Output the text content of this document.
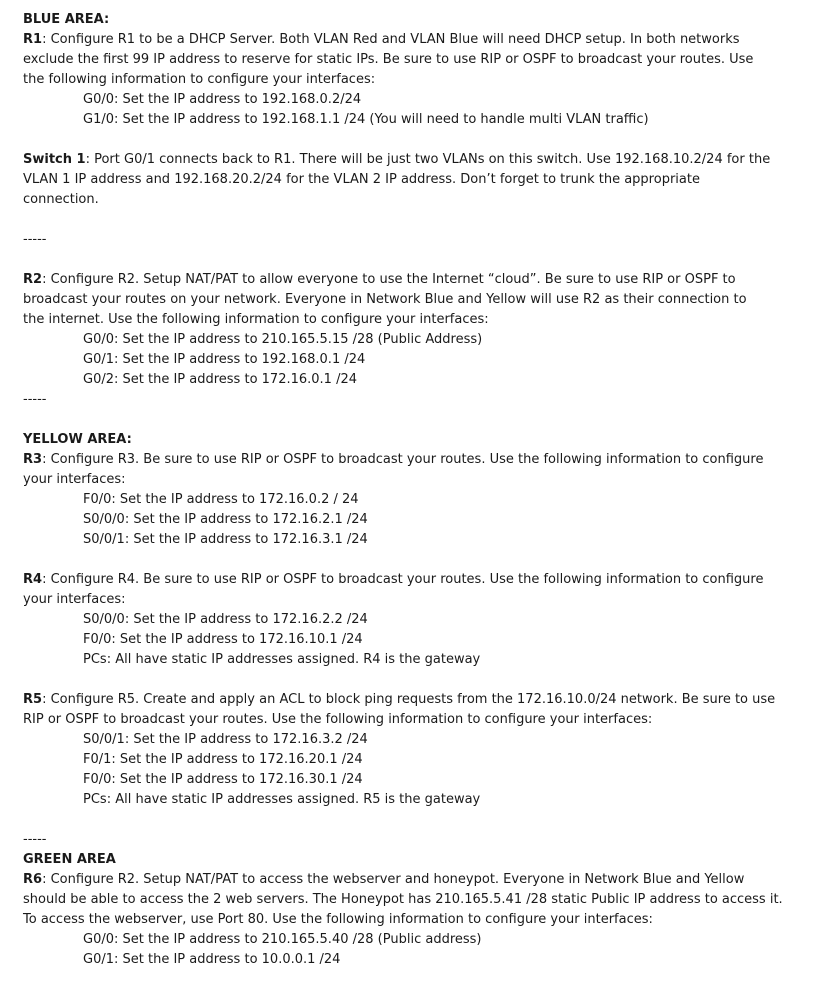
BLUE AREA:
R1: Configure R1 to be a DHCP Server. Both VLAN Red and VLAN Blue will need DHCP setup. In both networks
exclude the first 99 IP address to reserve for static IPs. Be sure to use RIP or OSPF to broadcast your routes. Use
the following information to configure your interfaces:
G0/0: Set the IP address to 192.168.0.2/24
G1/0: Set the IP address to 192.168.1.1 /24 (You will need to handle multi VLAN traffic)
Switch 1: Port G0/1 connects back to R1. There will be just two VLANs on this switch. Use 192.168.10.2/24 for the
VLAN 1 IP address and 192.168.20.2/24 for the VLAN 2 IP address. Don’t forget to trunk the appropriate
connection.
-----
R2: Configure R2. Setup NAT/PAT to allow everyone to use the Internet “cloud”. Be sure to use RIP or OSPF to
broadcast your routes on your network. Everyone in Network Blue and Yellow will use R2 as their connection to
the internet. Use the following information to configure your interfaces:
G0/0: Set the IP address to 210.165.5.15 /28 (Public Address)
G0/1: Set the IP address to 192.168.0.1 /24
G0/2: Set the IP address to 172.16.0.1 /24
-----
YELLOW AREA:
R3: Configure R3. Be sure to use RIP or OSPF to broadcast your routes. Use the following information to configure
your interfaces:
F0/0: Set the IP address to 172.16.0.2 / 24
S0/0/0: Set the IP address to 172.16.2.1 /24
S0/0/1: Set the IP address to 172.16.3.1 /24
R4: Configure R4. Be sure to use RIP or OSPF to broadcast your routes. Use the following information to configure
your interfaces:
S0/0/0: Set the IP address to 172.16.2.2 /24
F0/0: Set the IP address to 172.16.10.1 /24
PCs: All have static IP addresses assigned. R4 is the gateway
R5: Configure R5. Create and apply an ACL to block ping requests from the 172.16.10.0/24 network. Be sure to use
RIP or OSPF to broadcast your routes. Use the following information to configure your interfaces:
S0/0/1: Set the IP address to 172.16.3.2 /24
F0/1: Set the IP address to 172.16.20.1 /24
F0/0: Set the IP address to 172.16.30.1 /24
PCs: All have static IP addresses assigned. R5 is the gateway
-----
GREEN AREA
R6: Configure R2. Setup NAT/PAT to access the webserver and honeypot. Everyone in Network Blue and Yellow
should be able to access the 2 web servers. The Honeypot has 210.165.5.41 /28 static Public IP address to access it.
To access the webserver, use Port 80. Use the following information to configure your interfaces:
G0/0: Set the IP address to 210.165.5.40 /28 (Public address)
G0/1: Set the IP address to 10.0.0.1 /24
